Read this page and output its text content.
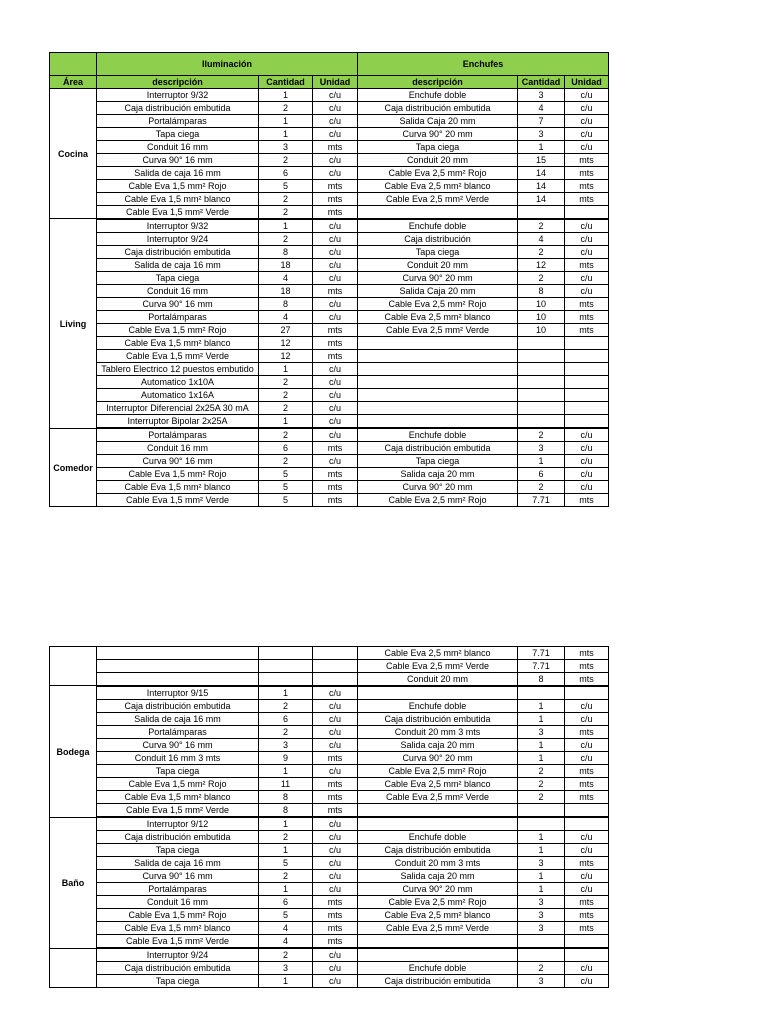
	Iluminación			Enchufes		
Área	descripción	Cantidad	Unidad	descripción	Cantidad	Unidad
Cocina	Interruptor 9/32	1	c/u	Enchufe doble	3	c/u
	Caja distribución embutida	2	c/u	Caja distribución embutida	4	c/u
	Portalámparas	1	c/u	Salida Caja 20 mm	7	c/u
	Tapa ciega	1	c/u	Curva 90° 20 mm	3	c/u
	Conduit 16 mm	3	mts	Tapa ciega	1	c/u
	Curva 90° 16 mm	2	c/u	Conduit 20 mm	15	mts
	Salida de caja 16 mm	6	c/u	Cable Eva 2,5 mm² Rojo	14	mts
	Cable Eva 1,5 mm² Rojo	5	mts	Cable Eva 2,5 mm² blanco	14	mts
	Cable Eva 1,5 mm² blanco	2	mts	Cable Eva 2,5 mm² Verde	14	mts
	Cable Eva 1,5 mm² Verde	2	mts			
Living						
	Interruptor 9/32	1	c/u	Enchufe doble	2	c/u
	Interruptor 9/24	2	c/u	Caja distribución	4	c/u
	Caja distribución embutida	8	c/u	Tapa ciega	2	c/u
	Salida de caja 16 mm	18	c/u	Conduit 20 mm	12	mts
	Tapa ciega	4	c/u	Curva 90° 20 mm	2	c/u
	Conduit 16 mm	18	mts	Salida Caja 20 mm	8	c/u
	Curva 90° 16 mm	8	c/u	Cable Eva 2,5 mm² Rojo	10	mts
	Portalámparas	4	c/u	Cable Eva 2,5 mm² blanco	10	mts
	Cable Eva 1,5 mm² Rojo	27	mts	Cable Eva 2,5 mm² Verde	10	mts
	Cable Eva 1,5 mm² blanco	12	mts			
	Cable Eva 1,5 mm² Verde	12	mts			
	Tablero Electrico 12 puestos embutido	1	c/u			
	Automatico 1x10A	2	c/u			
	Automatico 1x16A	2	c/u			
	Interruptor Diferencial 2x25A 30 mA	2	c/u			
	Interruptor Bipolar 2x25A	1	c/u			

Comedor	Portalámparas	2	c/u	Enchufe doble	2	c/u
	Conduit 16 mm	6	mts	Caja distribución embutida	3	c/u
	Curva 90° 16 mm	2	c/u	Tapa ciega	1	c/u
	Cable Eva 1,5 mm² Rojo	5	mts	Salida caja 20 mm	6	c/u
	Cable Eva 1,5 mm² blanco	5	mts	Curva 90° 20 mm	2	c/u
	Cable Eva 1,5 mm² Verde	5	mts	Cable Eva 2,5 mm² Rojo	7.71	mts
				Cable Eva 2,5 mm² blanco	7.71	mts
				Cable Eva 2,5 mm² Verde	7.71	mts
				Conduit 20 mm	8	mts
Bodega						
	Interruptor 9/15	1	c/u			
	Caja distribución embutida	2	c/u	Enchufe doble	1	c/u
	Salida de caja 16 mm	6	c/u	Caja distribución embutida	1	c/u
	Portalámparas	2	c/u	Conduit 20 mm 3 mts	3	mts
	Curva 90° 16 mm	3	c/u	Salida caja 20 mm	1	c/u
	Conduit 16 mm 3 mts	9	mts	Curva 90° 20 mm	1	c/u
	Tapa ciega	1	c/u	Cable Eva 2,5 mm² Rojo	2	mts
	Cable Eva 1,5 mm² Rojo	11	mts	Cable Eva 2,5 mm² blanco	2	mts
	Cable Eva 1,5 mm² blanco	8	mts	Cable Eva 2,5 mm² Verde	2	mts
	Cable Eva 1,5 mm² Verde	8	mts			

Baño	Interruptor 9/12	1	c/u			
	Caja distribución embutida	2	c/u	Enchufe doble	1	c/u
	Tapa ciega	1	c/u	Caja distribución embutida	1	c/u
	Salida de caja 16 mm	5	c/u	Conduit 20 mm 3 mts	3	mts
	Curva 90° 16 mm	2	c/u	Salida caja 20 mm	1	c/u
	Portalámparas	1	c/u	Curva 90° 20 mm	1	c/u
	Conduit 16 mm	6	mts	Cable Eva 2,5 mm² Rojo	3	mts
	Cable Eva 1,5 mm² Rojo	5	mts	Cable Eva 2,5 mm² blanco	3	mts
	Cable Eva 1,5 mm² blanco	4	mts	Cable Eva 2,5 mm² Verde	3	mts
	Cable Eva 1,5 mm² Verde	4	mts			

	Interruptor 9/24	2	c/u			
	Caja distribución embutida	3	c/u	Enchufe doble	2	c/u
	Tapa ciega	1	c/u	Caja distribución embutida	3	c/u
